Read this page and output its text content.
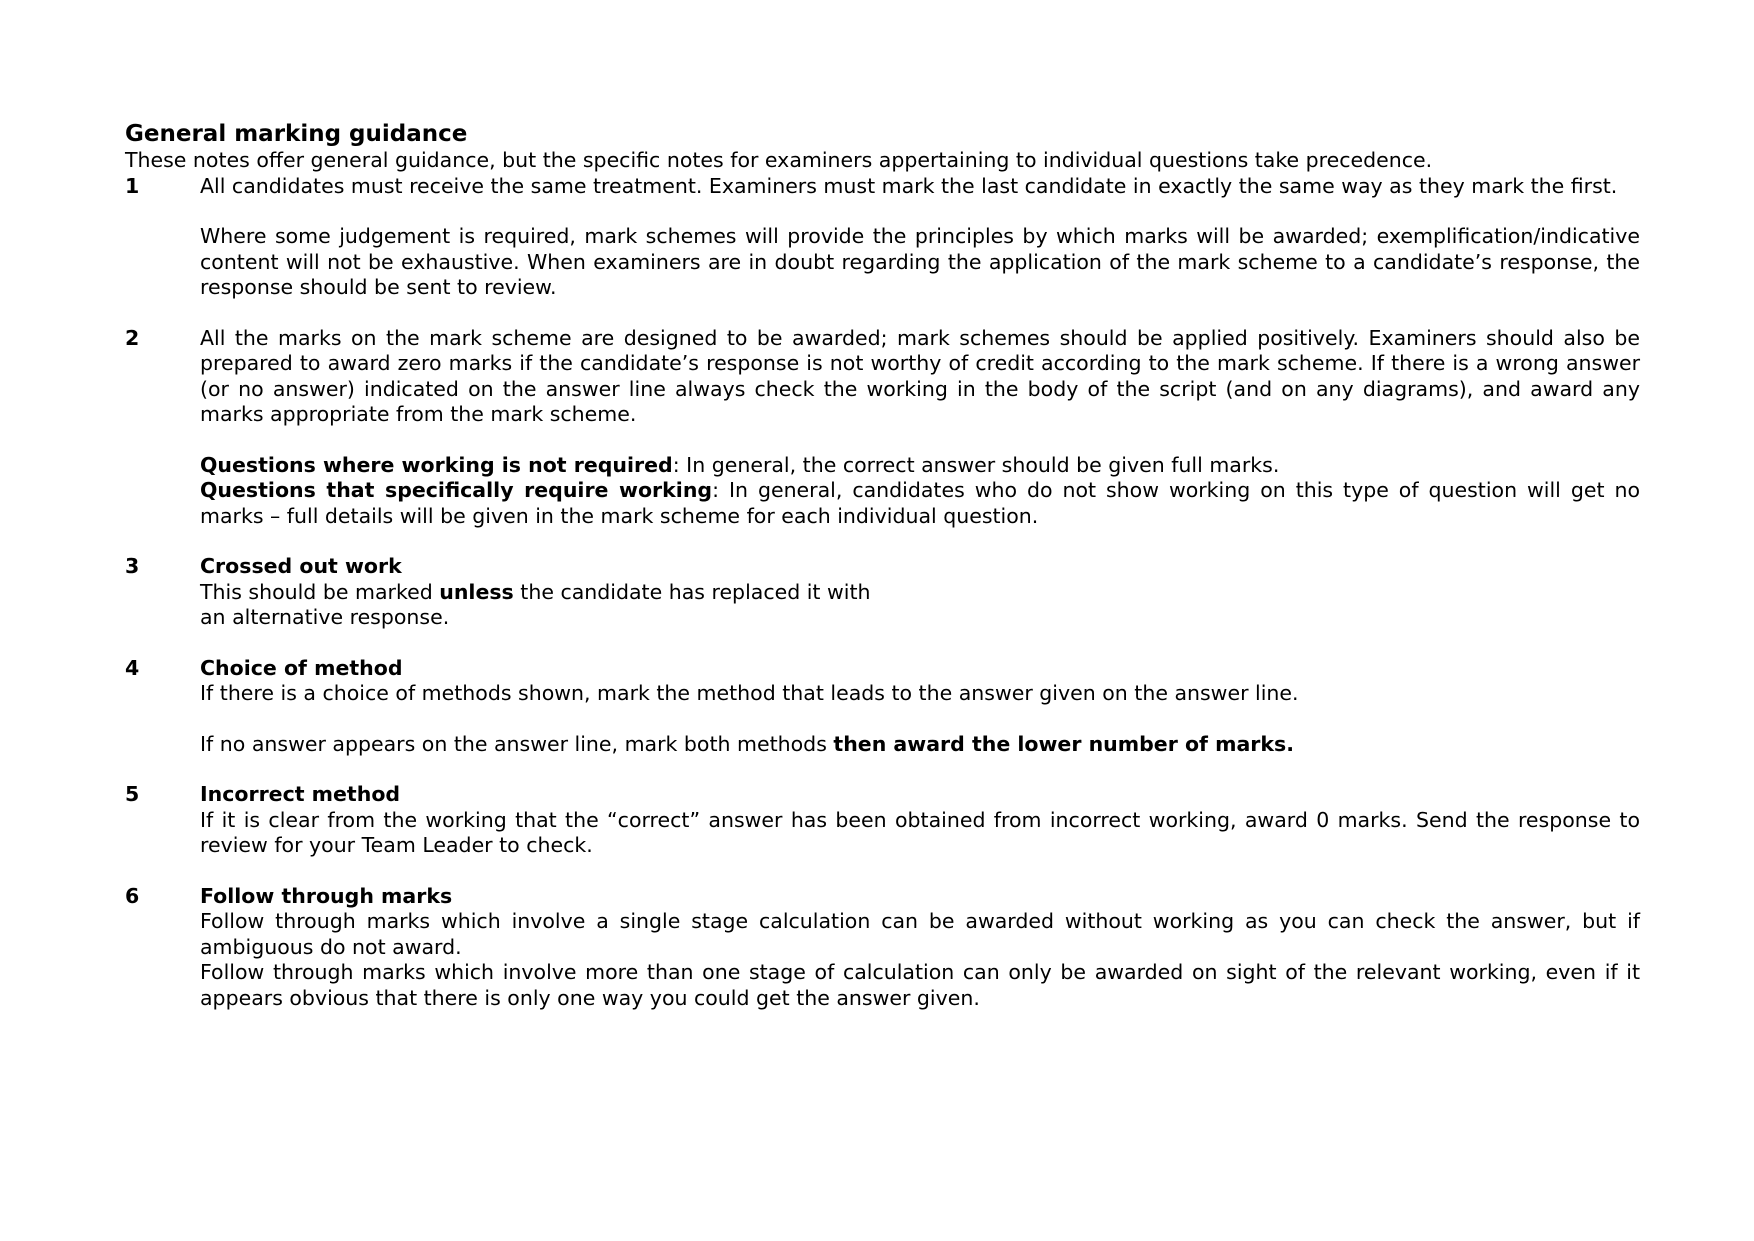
General marking guidance

These notes offer general guidance, but the specific notes for examiners appertaining to individual questions take precedence.

1	All candidates must receive the same treatment. Examiners must mark the last candidate in exactly the same way as they mark the first.

Where some judgement is required, mark schemes will provide the principles by which marks will be awarded; exemplification/indicative content will not be exhaustive. When examiners are in doubt regarding the application of the mark scheme to a candidate’s response, the response should be sent to review.

2	All the marks on the mark scheme are designed to be awarded; mark schemes should be applied positively. Examiners should also be prepared to award zero marks if the candidate’s response is not worthy of credit according to the mark scheme. If there is a wrong answer (or no answer) indicated on the answer line always check the working in the body of the script (and on any diagrams), and award any marks appropriate from the mark scheme.

Questions where working is not required: In general, the correct answer should be given full marks.

Questions that specifically require working: In general, candidates who do not show working on this type of question will get no marks – full details will be given in the mark scheme for each individual question.

3	Crossed out work

This should be marked unless the candidate has replaced it with an alternative response.

4	Choice of method

If there is a choice of methods shown, mark the method that leads to the answer given on the answer line.

If no answer appears on the answer line, mark both methods then award the lower number of marks.

5	Incorrect method

If it is clear from the working that the “correct” answer has been obtained from incorrect working, award 0 marks. Send the response to review for your Team Leader to check.

6	Follow through marks

Follow through marks which involve a single stage calculation can be awarded without working as you can check the answer, but if ambiguous do not award.

Follow through marks which involve more than one stage of calculation can only be awarded on sight of the relevant working, even if it appears obvious that there is only one way you could get the answer given.
